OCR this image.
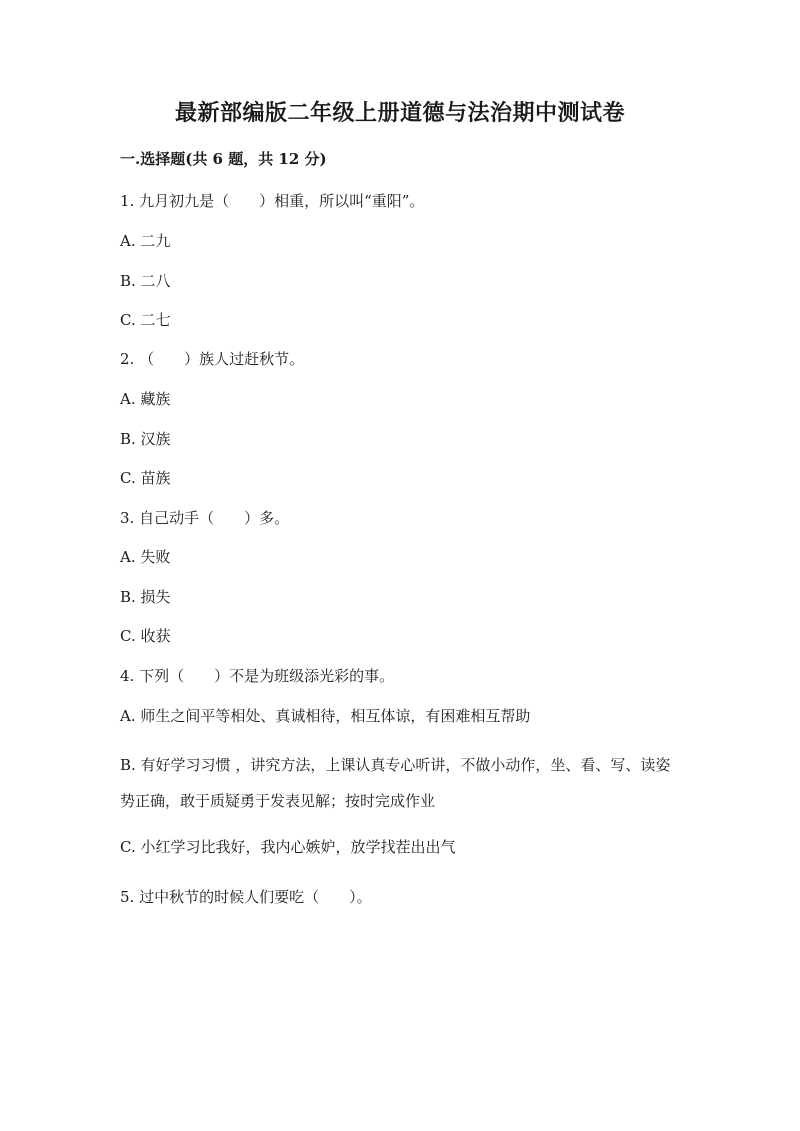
最新部编版二年级上册道德与法治期中测试卷
一.选择题(共 6 题，共 12 分)
1. 九月初九是（　　）相重，所以叫“重阳”。
A. 二九
B. 二八
C. 二七
2. （　　）族人过赶秋节。
A. 藏族
B. 汉族
C. 苗族
3. 自己动手（　　）多。
A. 失败
B. 损失
C. 收获
4. 下列（　　）不是为班级添光彩的事。
A. 师生之间平等相处、真诚相待，相互体谅，有困难相互帮助
B. 有好学习习惯 ，讲究方法，上课认真专心听讲，不做小动作，坐、看、写、读姿势正确，敢于质疑勇于发表见解；按时完成作业
C. 小红学习比我好，我内心嫉妒，放学找茬出出气
5. 过中秋节的时候人们要吃（　　）。
